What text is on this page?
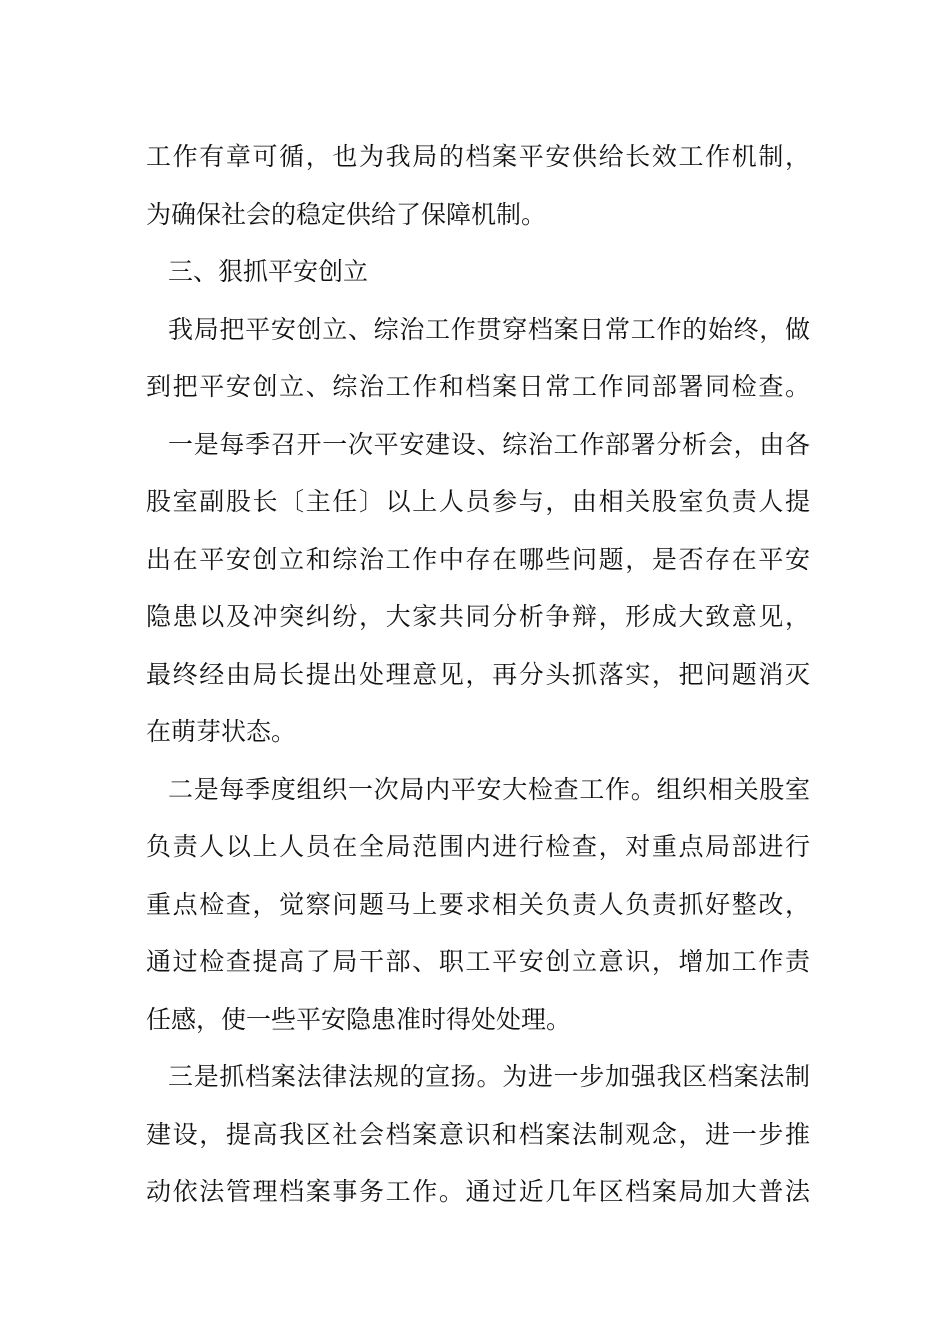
工作有章可循，也为我局的档案平安供给长效工作机制，
为确保社会的稳定供给了保障机制。
三、狠抓平安创立
我局把平安创立、综治工作贯穿档案日常工作的始终，做
到把平安创立、综治工作和档案日常工作同部署同检查。
一是每季召开一次平安建设、综治工作部署分析会，由各
股室副股长〔主任〕以上人员参与，由相关股室负责人提
出在平安创立和综治工作中存在哪些问题，是否存在平安
隐患以及冲突纠纷，大家共同分析争辩，形成大致意见，
最终经由局长提出处理意见，再分头抓落实，把问题消灭
在萌芽状态。
二是每季度组织一次局内平安大检查工作。组织相关股室
负责人以上人员在全局范围内进行检查，对重点局部进行
重点检查，觉察问题马上要求相关负责人负责抓好整改，
通过检查提高了局干部、职工平安创立意识，增加工作责
任感，使一些平安隐患准时得处处理。
三是抓档案法律法规的宣扬。为进一步加强我区档案法制
建设，提高我区社会档案意识和档案法制观念，进一步推
动依法管理档案事务工作。通过近几年区档案局加大普法
